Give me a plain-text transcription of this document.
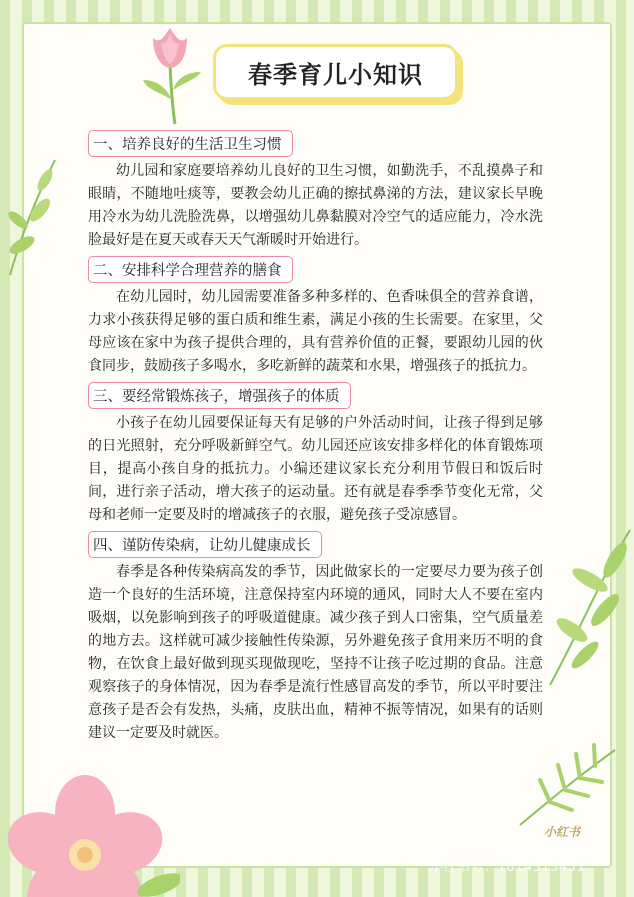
春季育儿小知识
一、培养良好的生活卫生习惯

幼儿园和家庭要培养幼儿良好的卫生习惯，如勤洗手，不乱摸鼻子和眼睛，不随地吐痰等，要教会幼儿正确的擦拭鼻涕的方法，建议家长早晚用冷水为幼儿洗脸洗鼻，以增强幼儿鼻黏膜对冷空气的适应能力，冷水洗脸最好是在夏天或春天天气渐暖时开始进行。

二、安排科学合理营养的膳食

在幼儿园时，幼儿园需要准备多种多样的、色香味俱全的营养食谱，力求小孩获得足够的蛋白质和维生素，满足小孩的生长需要。在家里，父母应该在家中为孩子提供合理的，具有营养价值的正餐，要跟幼儿园的伙食同步，鼓励孩子多喝水，多吃新鲜的蔬菜和水果，增强孩子的抵抗力。

三、要经常锻炼孩子，增强孩子的体质

小孩子在幼儿园要保证每天有足够的户外活动时间，让孩子得到足够的日光照射，充分呼吸新鲜空气。幼儿园还应该安排多样化的体育锻炼项目，提高小孩自身的抵抗力。小编还建议家长充分利用节假日和饭后时间，进行亲子活动，增大孩子的运动量。还有就是春季季节变化无常，父母和老师一定要及时的增减孩子的衣服，避免孩子受凉感冒。

四、谨防传染病，让幼儿健康成长

春季是各种传染病高发的季节，因此做家长的一定要尽力要为孩子创造一个良好的生活环境，注意保持室内环境的通风，同时大人不要在室内吸烟，以免影响到孩子的呼吸道健康。减少孩子到人口密集，空气质量差的地方去。这样就可减少接触性传染源，另外避免孩子食用来历不明的食物，在饮食上最好做到现买现做现吃，坚持不让孩子吃过期的食品。注意观察孩子的身体情况，因为春季是流行性感冒高发的季节，所以平时要注意孩子是否会有发热，头痛，皮肤出血，精神不振等情况，如果有的话则建议一定要及时就医。

小红书
小红书号：1814313451
